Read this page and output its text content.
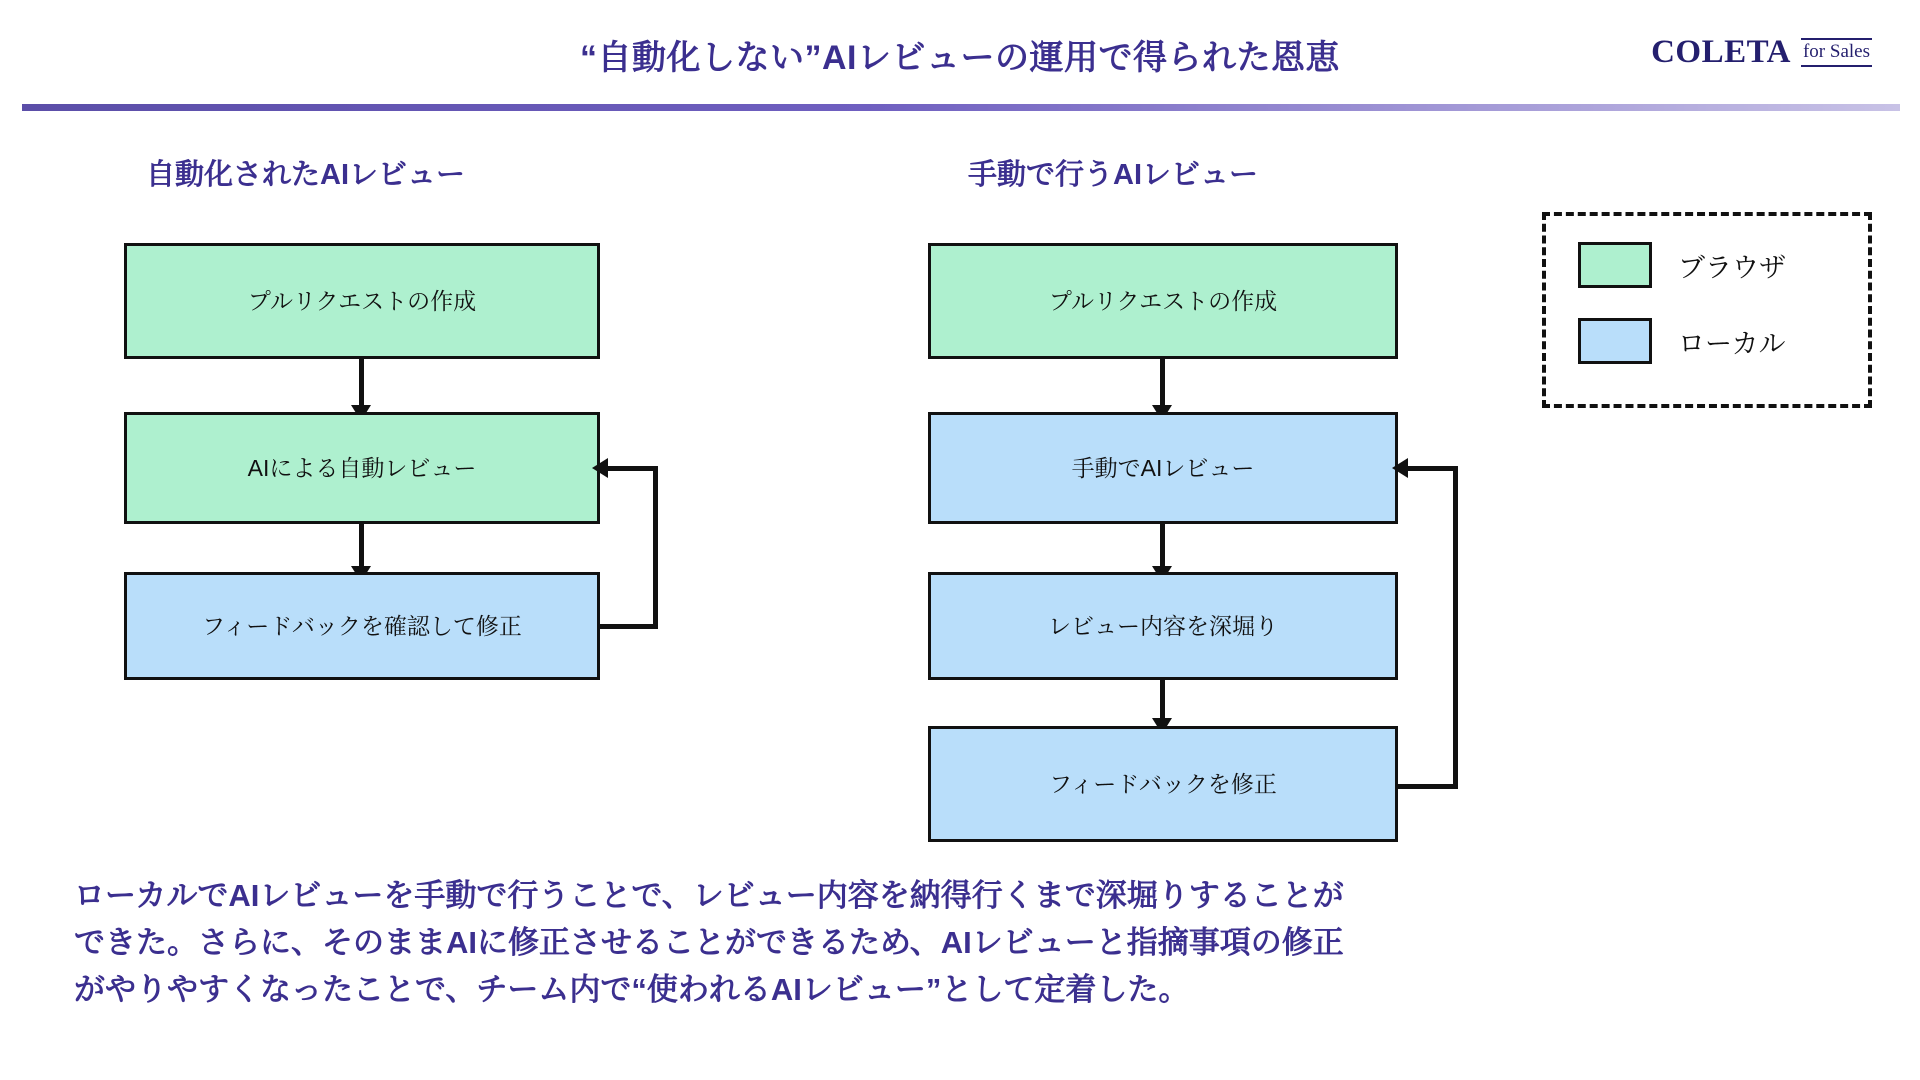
“自動化しない”AIレビューの運用で得られた恩恵	COLETA for Sales
自動化されたAIレビュー
プルリクエストの作成
AIによる自動レビュー
フィードバックを確認して修正
手動で行うAIレビュー
プルリクエストの作成
手動でAIレビュー
レビュー内容を深堀り
フィードバックを修正
ブラウザ
ローカル
ローカルでAIレビューを手動で行うことで、レビュー内容を納得行くまで深堀りすることが
できた。さらに、そのままAIに修正させることができるため、AIレビューと指摘事項の修正
がやりやすくなったことで、チーム内で“使われるAIレビュー”として定着した。
